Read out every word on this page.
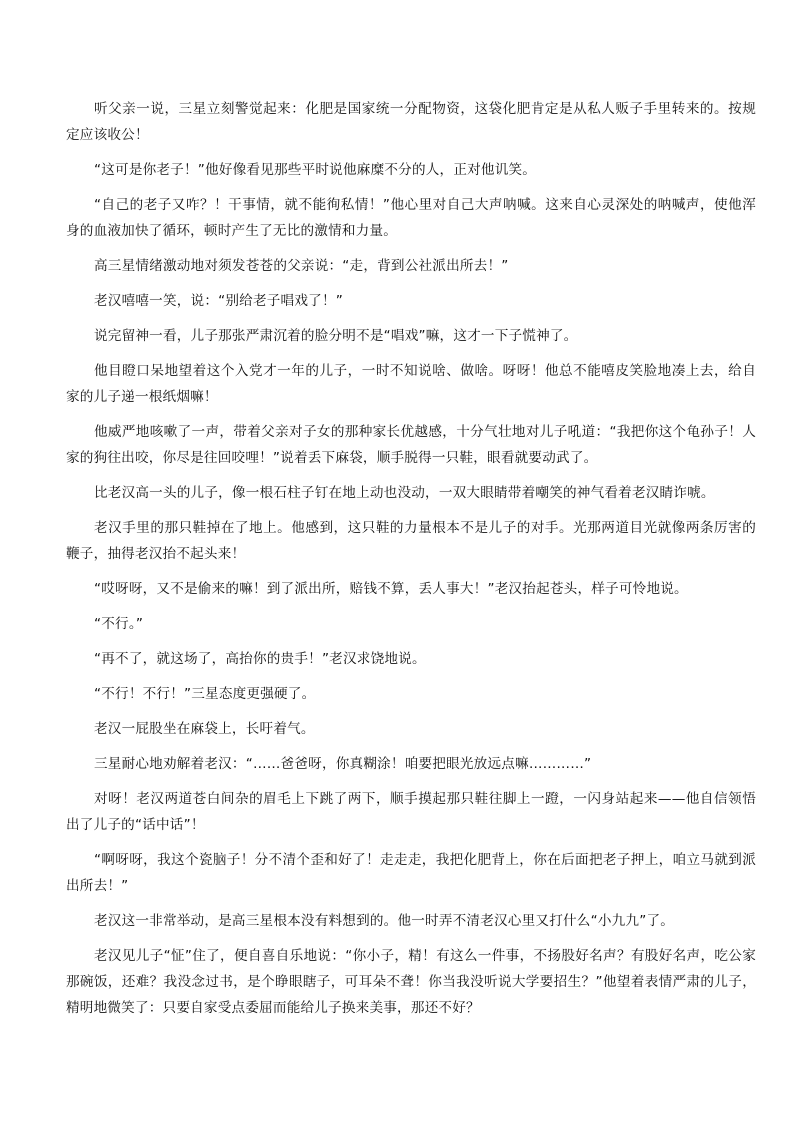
听父亲一说，三星立刻警觉起来：化肥是国家统一分配物资，这袋化肥肯定是从私人贩子手里转来的。按规定应该收公！

“这可是你老子！”他好像看见那些平时说他麻糜不分的人，正对他讥笑。

“自己的老子又咋？！干事情，就不能徇私情！”他心里对自己大声呐喊。这来自心灵深处的呐喊声，使他浑身的血液加快了循环，顿时产生了无比的激情和力量。

高三星情绪激动地对须发苍苍的父亲说：“走，背到公社派出所去！”

老汉嘻嘻一笑，说：“别给老子唱戏了！”

说完留神一看，儿子那张严肃沉着的脸分明不是“唱戏”嘛，这才一下子慌神了。

他目瞪口呆地望着这个入党才一年的儿子，一时不知说啥、做啥。呀呀！他总不能嘻皮笑脸地凑上去，给自家的儿子递一根纸烟嘛！

他威严地咳嗽了一声，带着父亲对子女的那种家长优越感，十分气壮地对儿子吼道：“我把你这个龟孙子！人家的狗往出咬，你尽是往回咬哩！”说着丢下麻袋，顺手脱得一只鞋，眼看就要动武了。

比老汉高一头的儿子，像一根石柱子钉在地上动也没动，一双大眼睛带着嘲笑的神气看着老汉睛诈唬。

老汉手里的那只鞋掉在了地上。他感到，这只鞋的力量根本不是儿子的对手。光那两道目光就像两条厉害的鞭子，抽得老汉抬不起头来！

“哎呀呀，又不是偷来的嘛！到了派出所，赔钱不算，丢人事大！”老汉抬起苍头，样子可怜地说。

“不行。”

“再不了，就这场了，高抬你的贵手！”老汉求饶地说。

“不行！不行！”三星态度更强硬了。

老汉一屁股坐在麻袋上，长吁着气。

三星耐心地劝解着老汉：“……爸爸呀，你真糊涂！咱要把眼光放远点嘛…………”

对呀！老汉两道苍白间杂的眉毛上下跳了两下，顺手摸起那只鞋往脚上一蹬，一闪身站起来——他自信领悟出了儿子的“话中话”！

“啊呀呀，我这个瓷脑子！分不清个歪和好了！走走走，我把化肥背上，你在后面把老子押上，咱立马就到派出所去！”

老汉这一非常举动，是高三星根本没有料想到的。他一时弄不清老汉心里又打什么“小九九”了。

老汉见儿子“怔”住了，便自喜自乐地说：“你小子，精！有这么一件事，不扬股好名声？有股好名声，吃公家那碗饭，还难？我没念过书，是个睁眼瞎子，可耳朵不聋！你当我没听说大学要招生？”他望着表情严肃的儿子，精明地微笑了：只要自家受点委屈而能给儿子换来美事，那还不好？
